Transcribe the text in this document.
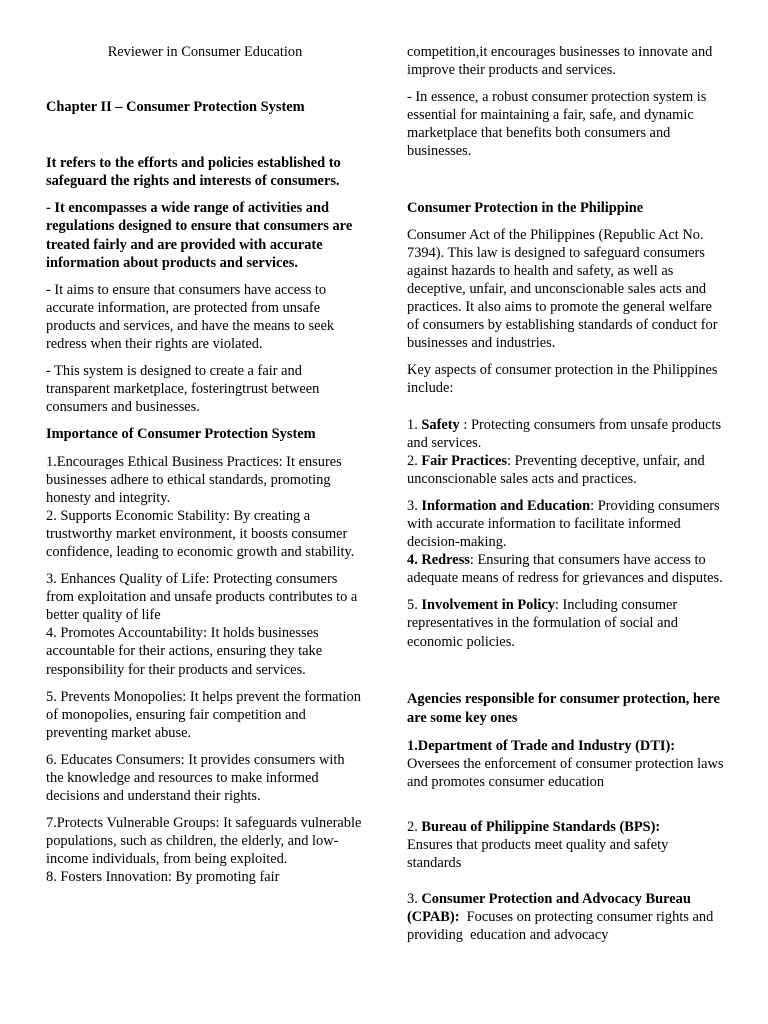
Reviewer in Consumer Education

Chapter II – Consumer Protection System

It refers to the efforts and policies established to safeguard the rights and interests of consumers.

- It encompasses a wide range of activities and regulations designed to ensure that consumers are treated fairly and are provided with accurate information about products and services.

- It aims to ensure that consumers have access to accurate information, are protected from unsafe products and services, and have the means to seek redress when their rights are violated.

- This system is designed to create a fair and transparent marketplace, fosteringtrust between consumers and businesses.

Importance of Consumer Protection System

1.Encourages Ethical Business Practices: It ensures businesses adhere to ethical standards, promoting honesty and integrity.
2. Supports Economic Stability: By creating a trustworthy market environment, it boosts consumer confidence, leading to economic growth and stability.
3. Enhances Quality of Life: Protecting consumers from exploitation and unsafe products contributes to a better quality of life
4. Promotes Accountability: It holds businesses accountable for their actions, ensuring they take responsibility for their products and services.

5. Prevents Monopolies: It helps prevent the formation of monopolies, ensuring fair competition and preventing market abuse.

6. Educates Consumers: It provides consumers with the knowledge and resources to make informed decisions and understand their rights.

7.Protects Vulnerable Groups: It safeguards vulnerable populations, such as children, the elderly, and low-income individuals, from being exploited.
8. Fosters Innovation: By promoting fair

competition,it encourages businesses to innovate and improve their products and services.

- In essence, a robust consumer protection system is essential for maintaining a fair, safe, and dynamic marketplace that benefits both consumers and businesses.

Consumer Protection in the Philippine

Consumer Act of the Philippines (Republic Act No. 7394). This law is designed to safeguard consumers against hazards to health and safety, as well as deceptive, unfair, and unconscionable sales acts and practices. It also aims to promote the general welfare of consumers by establishing standards of conduct for businesses and industries.

Key aspects of consumer protection in the Philippines include:

1. Safety : Protecting consumers from unsafe products and services.
2. Fair Practices: Preventing deceptive, unfair, and unconscionable sales acts and practices.
3. Information and Education: Providing consumers with accurate information to facilitate informed decision-making.
4. Redress: Ensuring that consumers have access to adequate means of redress for grievances and disputes.

5. Involvement in Policy: Including consumer representatives in the formulation of social and economic policies.

Agencies responsible for consumer protection, here are some key ones

1.Department of Trade and Industry (DTI):
Oversees the enforcement of consumer protection laws and promotes consumer education

2. Bureau of Philippine Standards (BPS):
Ensures that products meet quality and safety standards

3. Consumer Protection and Advocacy Bureau (CPAB):  Focuses on protecting consumer rights and providing  education and advocacy
